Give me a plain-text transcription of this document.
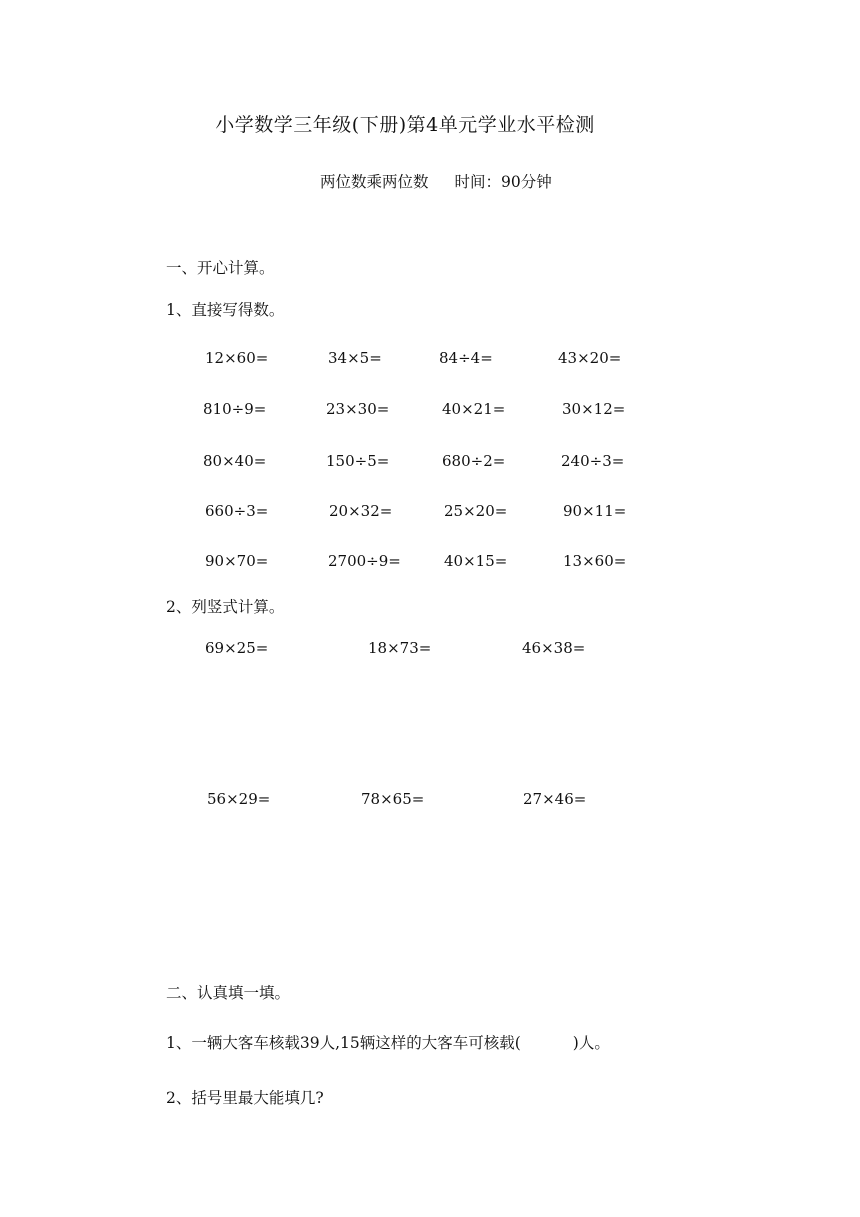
小学数学三年级(下册)第4单元学业水平检测
两位数乘两位数 时间：90分钟
一、开心计算。
1、直接写得数。
12×60=	34×5=	84÷4=	43×20=
810÷9=	23×30=	40×21=	30×12=
80×40=	150÷5=	680÷2=	240÷3=
660÷3=	20×32=	25×20=	90×11=
90×70=	2700÷9=	40×15=	13×60=
2、列竖式计算。
69×25=	18×73=	46×38=
56×29=	78×65=	27×46=
二、认真填一填。
1、一辆大客车核载39人,15辆这样的大客车可核载(	)人。
2、括号里最大能填几?
